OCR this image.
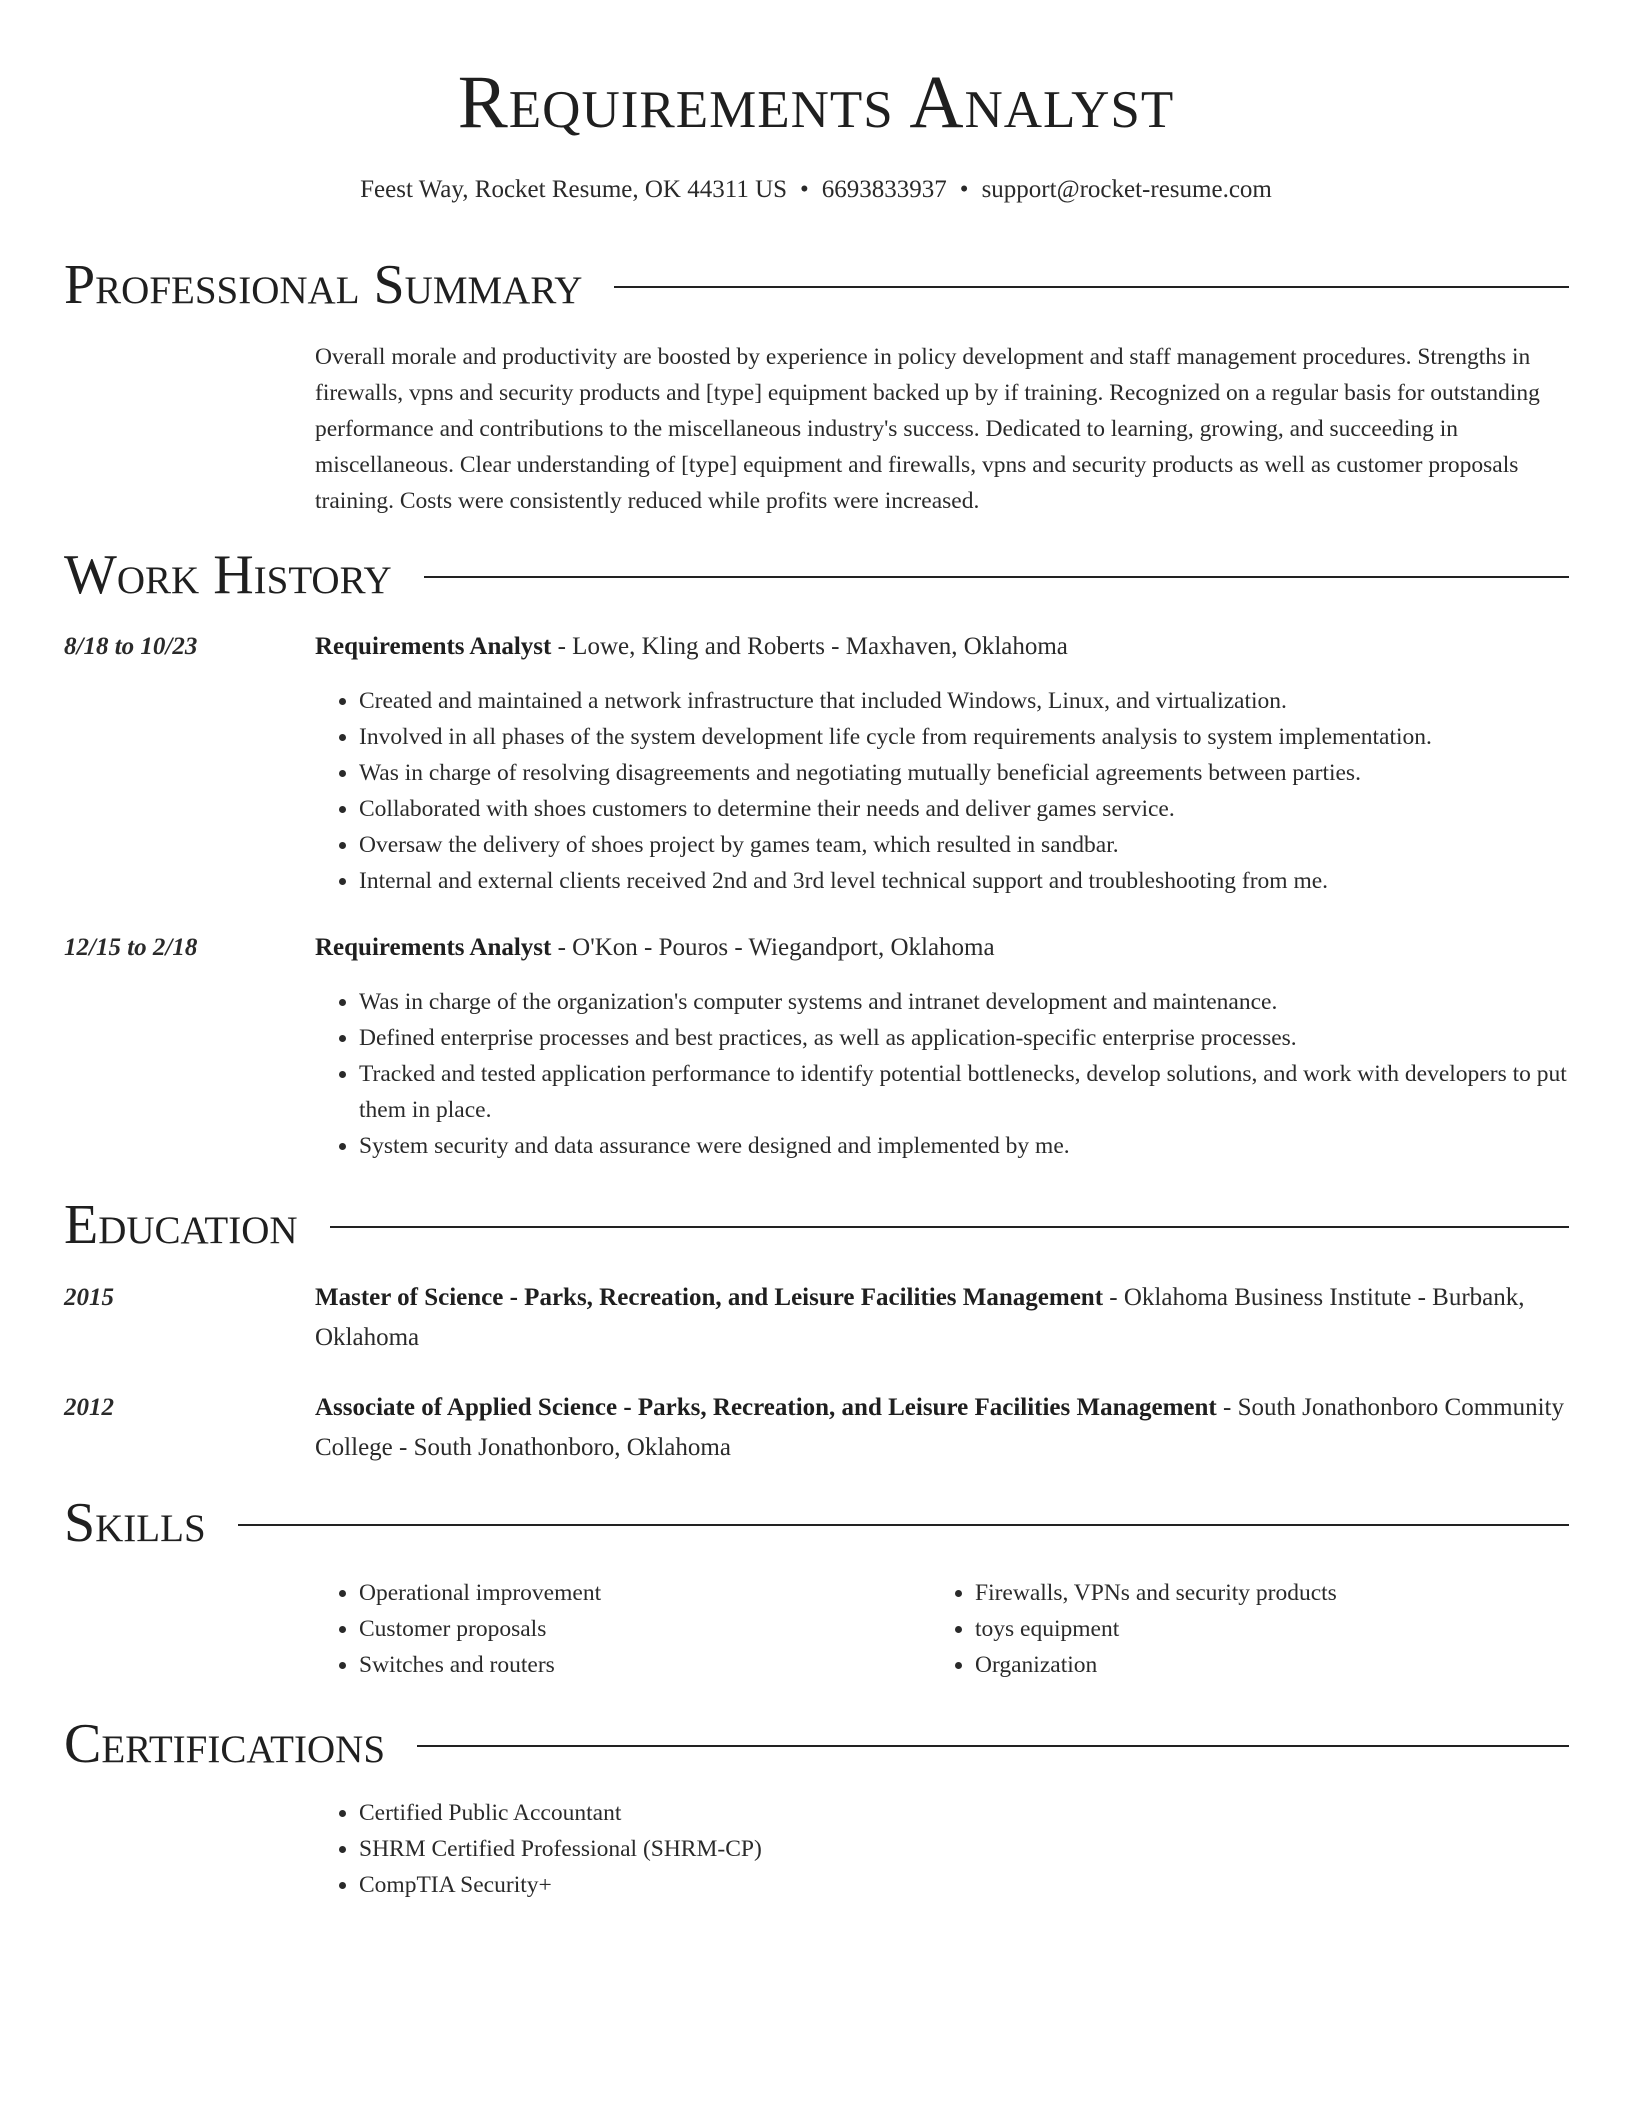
Requirements Analyst
Feest Way, Rocket Resume, OK 44311 US • 6693833937 • support@rocket-resume.com
Professional Summary
Overall morale and productivity are boosted by experience in policy development and staff management procedures. Strengths in firewalls, vpns and security products and [type] equipment backed up by if training. Recognized on a regular basis for outstanding performance and contributions to the miscellaneous industry's success. Dedicated to learning, growing, and succeeding in miscellaneous. Clear understanding of [type] equipment and firewalls, vpns and security products as well as customer proposals training. Costs were consistently reduced while profits were increased.
Work History
8/18 to 10/23	Requirements Analyst - Lowe, Kling and Roberts - Maxhaven, Oklahoma
• Created and maintained a network infrastructure that included Windows, Linux, and virtualization.
• Involved in all phases of the system development life cycle from requirements analysis to system implementation.
• Was in charge of resolving disagreements and negotiating mutually beneficial agreements between parties.
• Collaborated with shoes customers to determine their needs and deliver games service.
• Oversaw the delivery of shoes project by games team, which resulted in sandbar.
• Internal and external clients received 2nd and 3rd level technical support and troubleshooting from me.
12/15 to 2/18	Requirements Analyst - O'Kon - Pouros - Wiegandport, Oklahoma
• Was in charge of the organization's computer systems and intranet development and maintenance.
• Defined enterprise processes and best practices, as well as application-specific enterprise processes.
• Tracked and tested application performance to identify potential bottlenecks, develop solutions, and work with developers to put them in place.
• System security and data assurance were designed and implemented by me.
Education
2015	Master of Science - Parks, Recreation, and Leisure Facilities Management - Oklahoma Business Institute - Burbank, Oklahoma
2012	Associate of Applied Science - Parks, Recreation, and Leisure Facilities Management - South Jonathonboro Community College - South Jonathonboro, Oklahoma
Skills
• Operational improvement
• Customer proposals
• Switches and routers
• Firewalls, VPNs and security products
• toys equipment
• Organization
Certifications
• Certified Public Accountant
• SHRM Certified Professional (SHRM-CP)
• CompTIA Security+
